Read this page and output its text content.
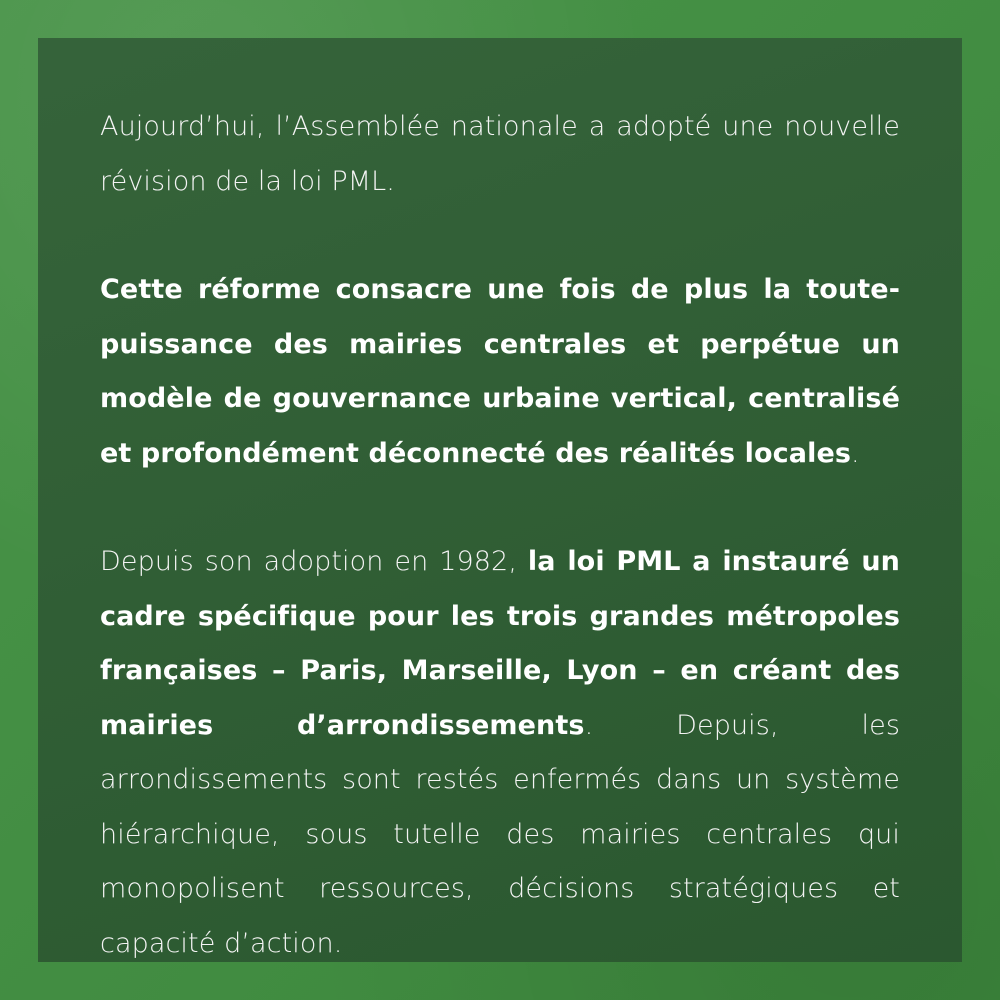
Aujourd’hui, l’Assemblée nationale a adopté une nouvelle révision de la loi PML.

Cette réforme consacre une fois de plus la toute-puissance des mairies centrales et perpétue un modèle de gouvernance urbaine vertical, centralisé et profondément déconnecté des réalités locales.

Depuis son adoption en 1982, la loi PML a instauré un cadre spécifique pour les trois grandes métropoles françaises – Paris, Marseille, Lyon – en créant des mairies d’arrondissements. Depuis, les arrondissements sont restés enfermés dans un système hiérarchique, sous tutelle des mairies centrales qui monopolisent ressources, décisions stratégiques et capacité d’action.
